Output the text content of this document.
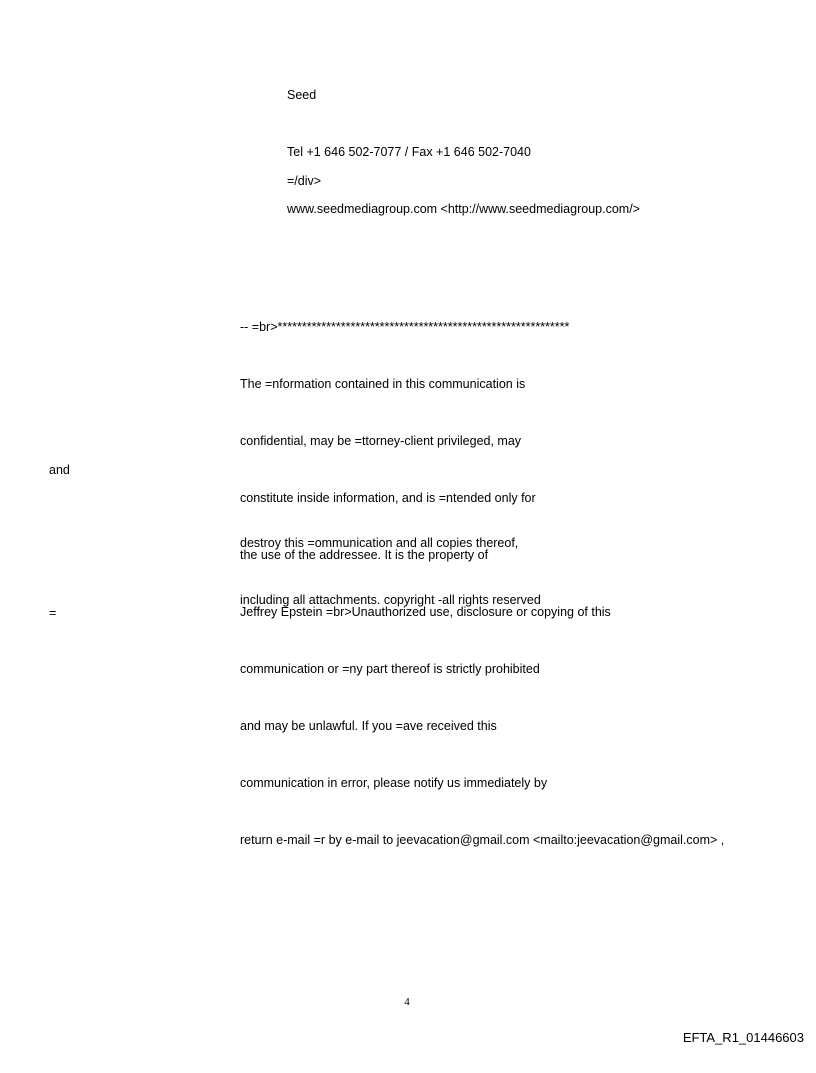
Seed

Tel +1 646 502-7077 / Fax +1 646 502-7040

www.seedmediagroup.com <http://www.seedmediagroup.com/>

=/div>

-- =br>************************************************************

The =nformation contained in this communication is

confidential, may be =ttorney-client privileged, may

constitute inside information, and is =ntended only for

the use of the addressee. It is the property of

Jeffrey Epstein =br>Unauthorized use, disclosure or copying of this

communication or =ny part thereof is strictly prohibited

and may be unlawful. If you =ave received this

communication in error, please notify us immediately by

return e-mail =r by e-mail to jeevacation@gmail.com <mailto:jeevacation@gmail.com> ,

and

destroy this =ommunication and all copies thereof,

including all attachments. copyright -all rights reserved

=
4
EFTA_R1_01446603
